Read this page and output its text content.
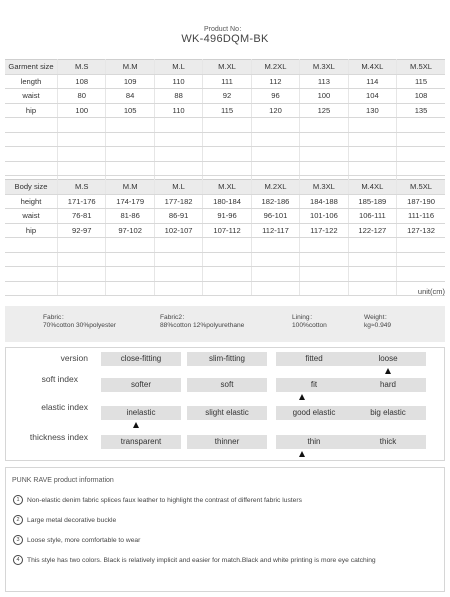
Product No：
WK-496DQM-BK
Garment size	M.S	M.M	M.L	M.XL	M.2XL	M.3XL	M.4XL	M.5XL
length	108	109	110	111	112	113	114	115
waist	80	84	88	92	96	100	104	108
hip	100	105	110	115	120	125	130	135

Body size	M.S	M.M	M.L	M.XL	M.2XL	M.3XL	M.4XL	M.5XL
height	171-176	174-179	177-182	180-184	182-186	184-188	185-189	187-190
waist	76-81	81-86	86-91	91-96	96-101	101-106	106-111	111-116
hip	92-97	97-102	102-107	107-112	112-117	117-122	122-127	127-132

unit(cm)
Fabric：
70%cotton 30%polyester
Fabric2：
88%cotton 12%polyurethane
Lining：
100%cotton
Weight：
kg≈0.949
version	close-fitting	slim-fitting	fitted	loose
soft index
softer	soft	fit	hard
elastic index
inelastic	slight elastic	good elastic	big elastic
thickness index	transparent	thinner	thin	thick
PUNK RAVE product information
1 Non-elastic denim fabric splices faux leather to highlight the contrast of different fabric lusters
2 Large metal decorative buckle
3 Loose style, more comfortable to wear
4 This style has two colors. Black is relatively implicit and easier for match.Black and white printing is more eye catching
